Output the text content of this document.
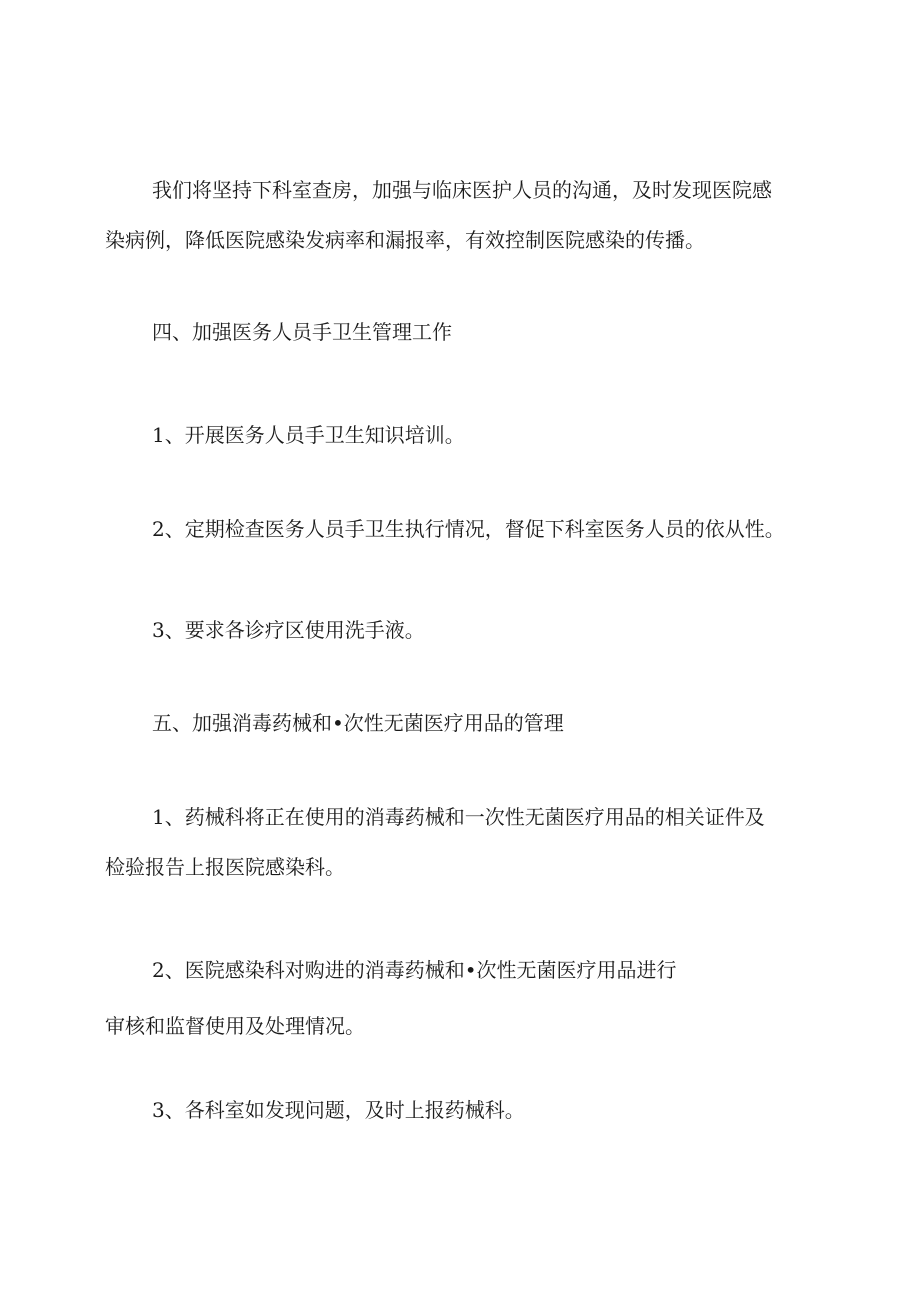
我们将坚持下科室查房，加强与临床医护人员的沟通，及时发现医院感

染病例，降低医院感染发病率和漏报率，有效控制医院感染的传播。

四、加强医务人员手卫生管理工作

1、开展医务人员手卫生知识培训。

2、定期检查医务人员手卫生执行情况，督促下科室医务人员的依从性。

3、要求各诊疗区使用洗手液。

五、加强消毒药械和•次性无菌医疗用品的管理

1、药械科将正在使用的消毒药械和一次性无菌医疗用品的相关证件及

检验报告上报医院感染科。

2、医院感染科对购进的消毒药械和•次性无菌医疗用品进行

审核和监督使用及处理情况。

3、各科室如发现问题，及时上报药械科。
